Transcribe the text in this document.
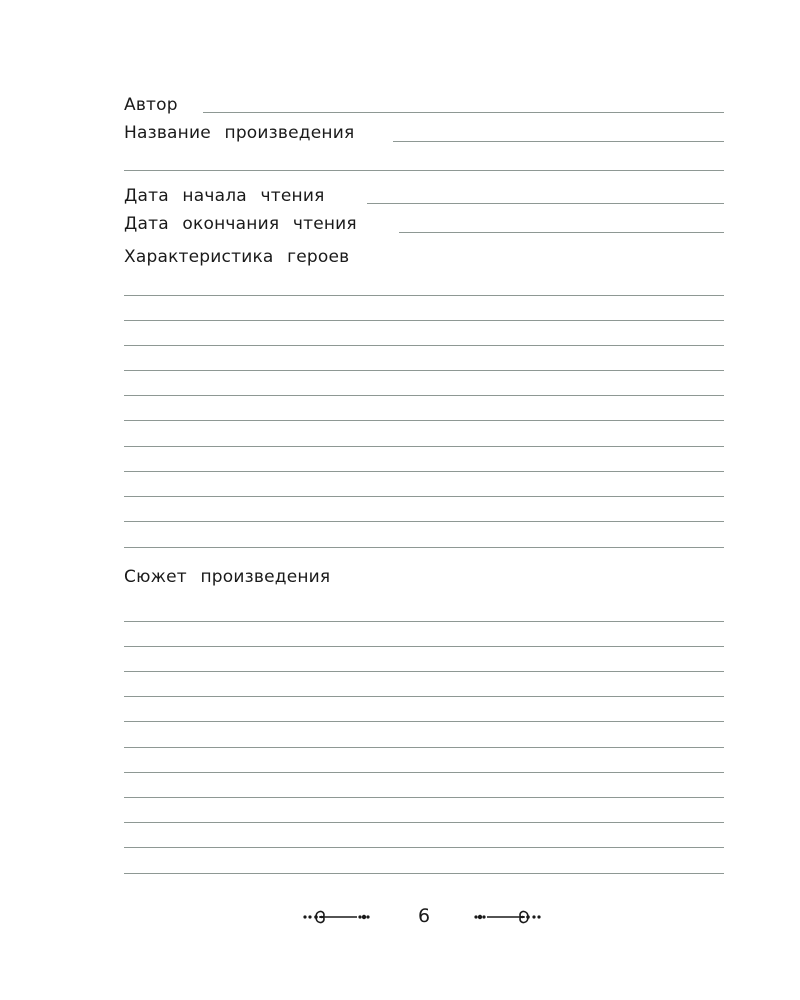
Автор
Название произведения
Дата начала чтения
Дата окончания чтения
Характеристика героев
Сюжет произведения
6
